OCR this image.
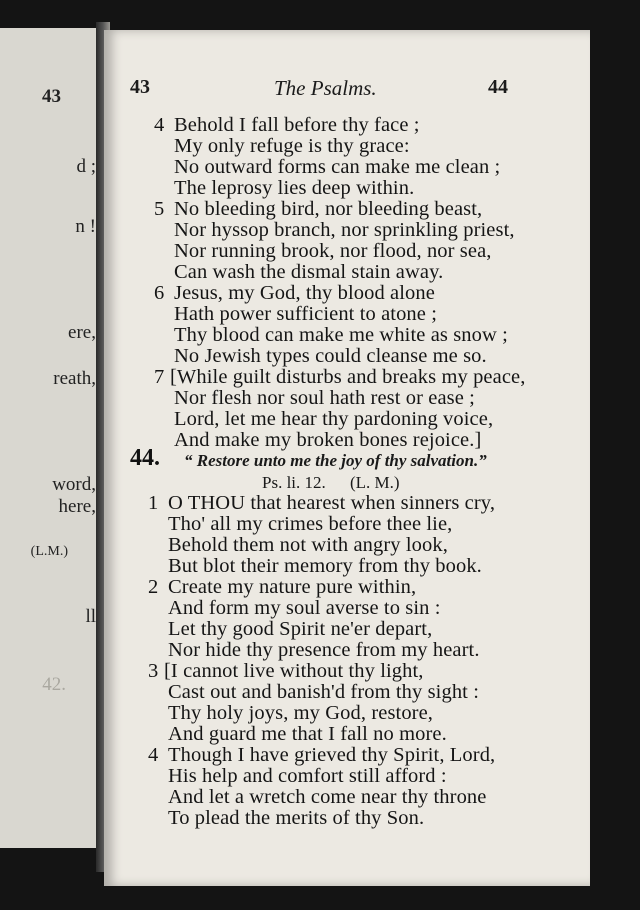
43
d ;
n !
ere,
reath,
word,
here,
(L.M.)
ll
42.
43	The Psalms.	44
4 Behold I fall before thy face ;
My only refuge is thy grace:
No outward forms can make me clean ;
The leprosy lies deep within.
5 No bleeding bird, nor bleeding beast,
Nor hyssop branch, nor sprinkling priest,
Nor running brook, nor flood, nor sea,
Can wash the dismal stain away.
6 Jesus, my God, thy blood alone
Hath power sufficient to atone ;
Thy blood can make me white as snow ;
No Jewish types could cleanse me so.
7 [While guilt disturbs and breaks my peace,
Nor flesh nor soul hath rest or ease ;
Lord, let me hear thy pardoning voice,
And make my broken bones rejoice.]
44. “ Restore unto me the joy of thy salvation.”
Ps. li. 12. (L. M.)
1 O THOU that hearest when sinners cry,
Tho' all my crimes before thee lie,
Behold them not with angry look,
But blot their memory from thy book.
2 Create my nature pure within,
And form my soul averse to sin :
Let thy good Spirit ne'er depart,
Nor hide thy presence from my heart.
3 [I cannot live without thy light,
Cast out and banish'd from thy sight :
Thy holy joys, my God, restore,
And guard me that I fall no more.
4 Though I have grieved thy Spirit, Lord,
His help and comfort still afford :
And let a wretch come near thy throne
To plead the merits of thy Son.
